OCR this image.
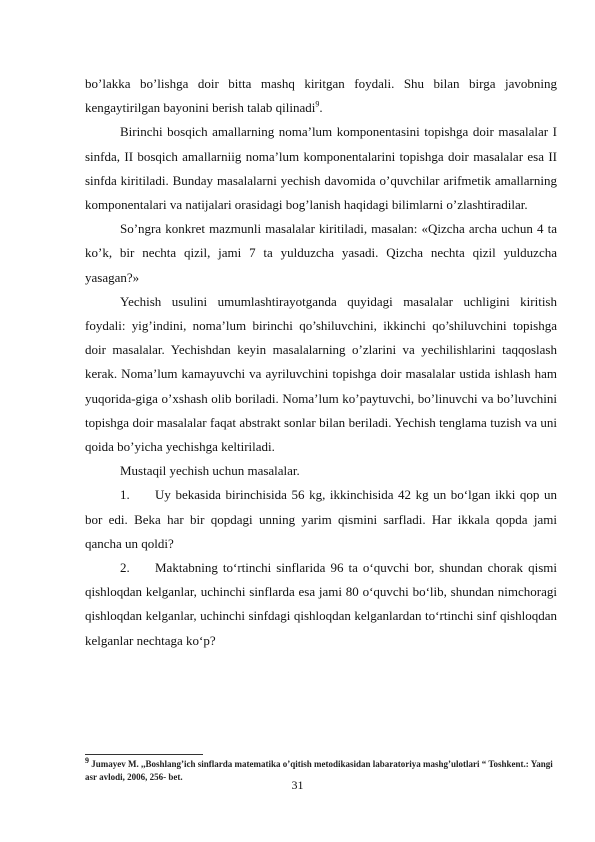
bo’lakka bo’lishga doir bitta mashq kiritgan foydali. Shu bilan birga javobning kengaytirilgan bayonini berish talab qilinadi$^9$.

Birinchi bosqich amallarning noma’lum komponentasini topishga doir masalalar I sinfda, II bosqich amallarniig noma’lum komponentalarini topishga doir masalalar esa II sinfda kiritiladi. Bunday masalalarni yechish davomida o’quvchilar arifmetik amallarning komponentalari va natijalari orasidagi bog’lanish haqidagi bilimlarni o’zlashtiradilar.

So’ngra konkret mazmunli masalalar kiritiladi, masalan: «Qizcha archa uchun 4 ta ko’k, bir nechta qizil, jami 7 ta yulduzcha yasadi. Qizcha nechta qizil yulduzcha yasagan?»

Yechish usulini umumlashtirayotganda quyidagi masalalar uchligini kiritish foydali: yig’indini, noma’lum birinchi qo’shiluvchini, ikkinchi qo’shiluvchini topishga doir masalalar. Yechishdan keyin masalalarning o’zlarini va yechilishlarini taqqoslash kerak. Noma’lum kamayuvchi va ayriluvchini topishga doir masalalar ustida ishlash ham yuqorida-giga o’xshash olib boriladi. Noma’lum ko’paytuvchi, bo’linuvchi va bo’luvchini topishga doir masalalar faqat abstrakt sonlar bilan beriladi. Yechish tenglama tuzish va uni qoida bo’yicha yechishga keltiriladi.

Mustaqil yechish uchun masalalar.

1. Uy bekasida birinchisida 56 kg, ikkinchisida 42 kg un bo‘lgan ikki qop un bor edi. Beka har bir qopdagi unning yarim qismini sarfladi. Har ikkala qopda jami qancha un qoldi?

2. Maktabning to‘rtinchi sinflarida 96 ta o‘quvchi bor, shundan chorak qismi qishloqdan kelganlar, uchinchi sinflarda esa jami 80 o‘quvchi bo‘lib, shundan nimchoragi qishloqdan kelganlar, uchinchi sinfdagi qishloqdan kelganlardan to‘rtinchi sinf qishloqdan kelganlar nechtaga ko‘p?

$^9$ Jumayev M. ,,Boshlang’ich sinflarda matematika o’qitish metodikasidan labaratoriya mashg’ulotlari “ Toshkent.: Yangi asr avlodi, 2006, 256- bet.
31
